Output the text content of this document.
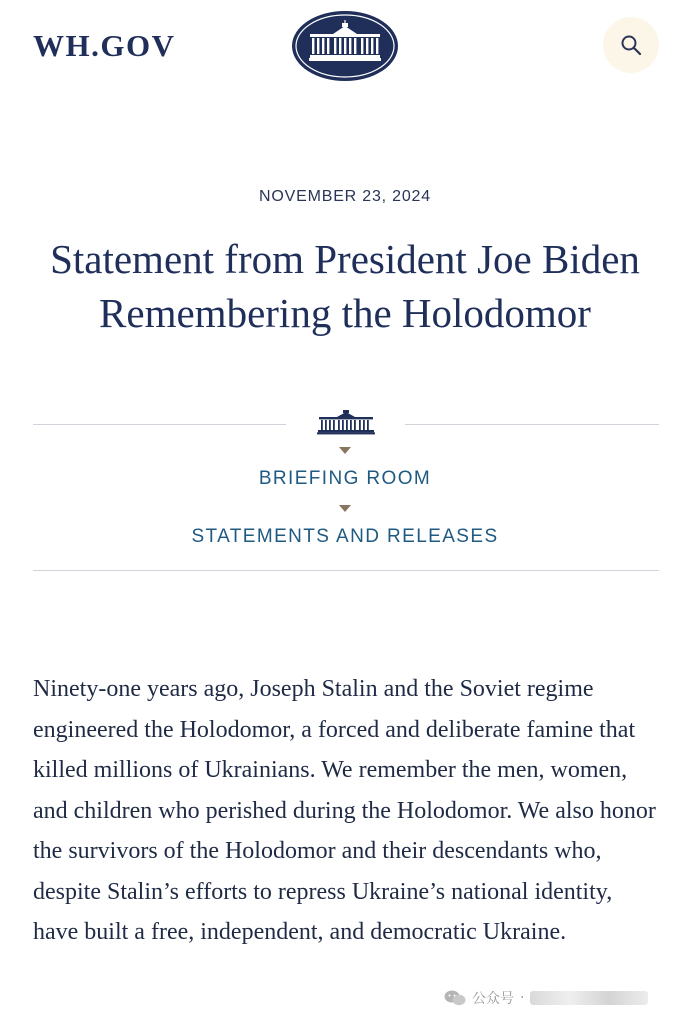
WH.GOV
NOVEMBER 23, 2024
Statement from President Joe Biden Remembering the Holodomor
BRIEFING ROOM
STATEMENTS AND RELEASES

Ninety-one years ago, Joseph Stalin and the Soviet regime engineered the Holodomor, a forced and deliberate famine that killed millions of Ukrainians. We remember the men, women, and children who perished during the Holodomor. We also honor the survivors of the Holodomor and their descendants who, despite Stalin’s efforts to repress Ukraine’s national identity, have built a free, independent, and democratic Ukraine.

公众号 ·
